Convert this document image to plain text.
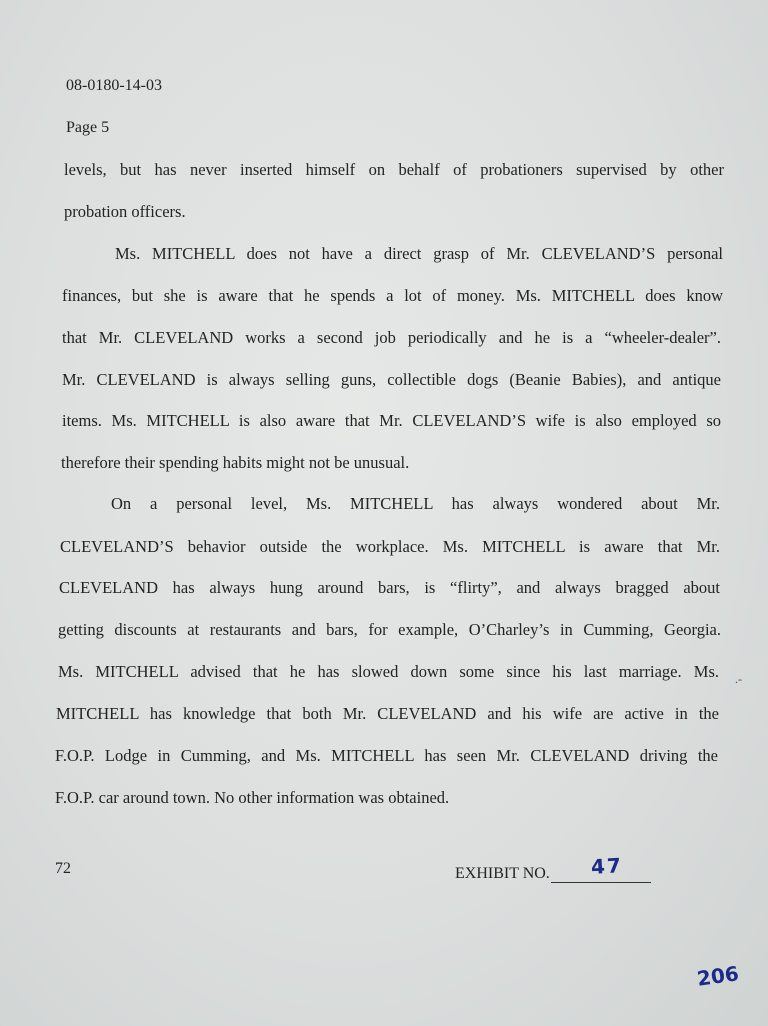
08-0180-14-03
Page 5
levels, but has never inserted himself on behalf of probationers supervised by other
probation officers.
Ms. MITCHELL does not have a direct grasp of Mr. CLEVELAND’S personal
finances, but she is aware that he spends a lot of money. Ms. MITCHELL does know
that Mr. CLEVELAND works a second job periodically and he is a “wheeler-dealer”.
Mr. CLEVELAND is always selling guns, collectible dogs (Beanie Babies), and antique
items. Ms. MITCHELL is also aware that Mr. CLEVELAND’S wife is also employed so
therefore their spending habits might not be unusual.
On a personal level, Ms. MITCHELL has always wondered about Mr.
CLEVELAND’S behavior outside the workplace. Ms. MITCHELL is aware that Mr.
CLEVELAND has always hung around bars, is “flirty”, and always bragged about
getting discounts at restaurants and bars, for example, O’Charley’s in Cumming, Georgia.
Ms. MITCHELL advised that he has slowed down some since his last marriage. Ms.
MITCHELL has knowledge that both Mr. CLEVELAND and his wife are active in the
F.O.P. Lodge in Cumming, and Ms. MITCHELL has seen Mr. CLEVELAND driving the
F.O.P. car around town. No other information was obtained.
.-
72	EXHIBIT NO. 47
206
